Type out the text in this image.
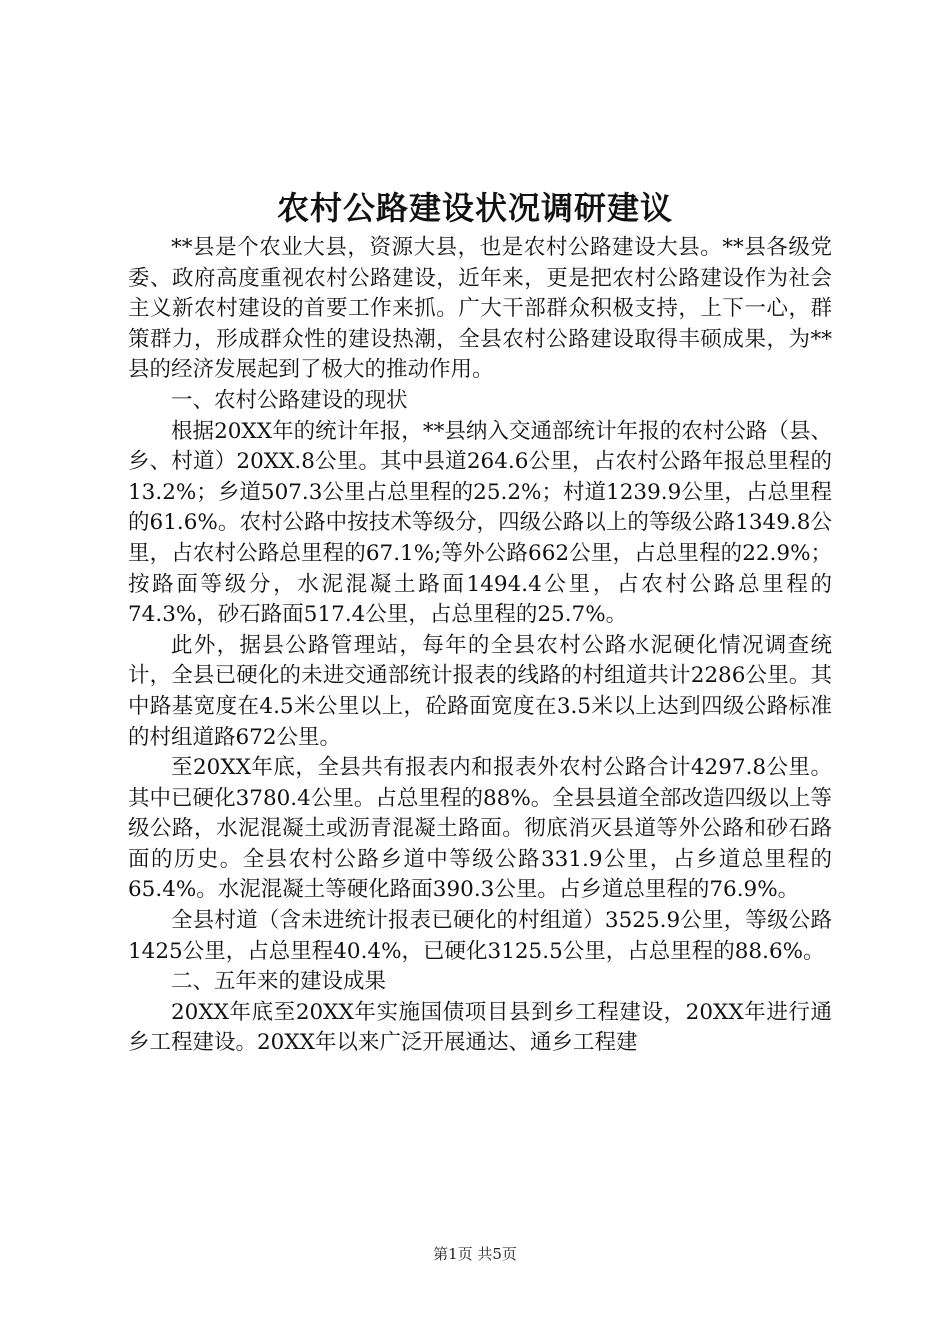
农村公路建设状况调研建议

**县是个农业大县，资源大县，也是农村公路建设大县。**县各级党委、政府高度重视农村公路建设，近年来，更是把农村公路建设作为社会主义新农村建设的首要工作来抓。广大干部群众积极支持，上下一心，群策群力，形成群众性的建设热潮，全县农村公路建设取得丰硕成果，为**县的经济发展起到了极大的推动作用。

一、农村公路建设的现状

根据20XX年的统计年报，**县纳入交通部统计年报的农村公路（县、乡、村道）20XX.8公里。其中县道264.6公里，占农村公路年报总里程的13.2%；乡道507.3公里占总里程的25.2%；村道1239.9公里，占总里程的61.6%。农村公路中按技术等级分，四级公路以上的等级公路1349.8公里，占农村公路总里程的67.1%;等外公路662公里，占总里程的22.9%；按路面等级分，水泥混凝土路面1494.4公里，占农村公路总里程的74.3%，砂石路面517.4公里，占总里程的25.7%。

此外，据县公路管理站，每年的全县农村公路水泥硬化情况调查统计，全县已硬化的未进交通部统计报表的线路的村组道共计2286公里。其中路基宽度在4.5米公里以上，砼路面宽度在3.5米以上达到四级公路标准的村组道路672公里。

至20XX年底，全县共有报表内和报表外农村公路合计4297.8公里。其中已硬化3780.4公里。占总里程的88%。全县县道全部改造四级以上等级公路，水泥混凝土或沥青混凝土路面。彻底消灭县道等外公路和砂石路面的历史。全县农村公路乡道中等级公路331.9公里，占乡道总里程的65.4%。水泥混凝土等硬化路面390.3公里。占乡道总里程的76.9%。

全县村道（含未进统计报表已硬化的村组道）3525.9公里，等级公路1425公里，占总里程40.4%，已硬化3125.5公里，占总里程的88.6%。

二、五年来的建设成果

20XX年底至20XX年实施国债项目县到乡工程建设，20XX年进行通乡工程建设。20XX年以来广泛开展通达、通乡工程建

第1页 共5页
